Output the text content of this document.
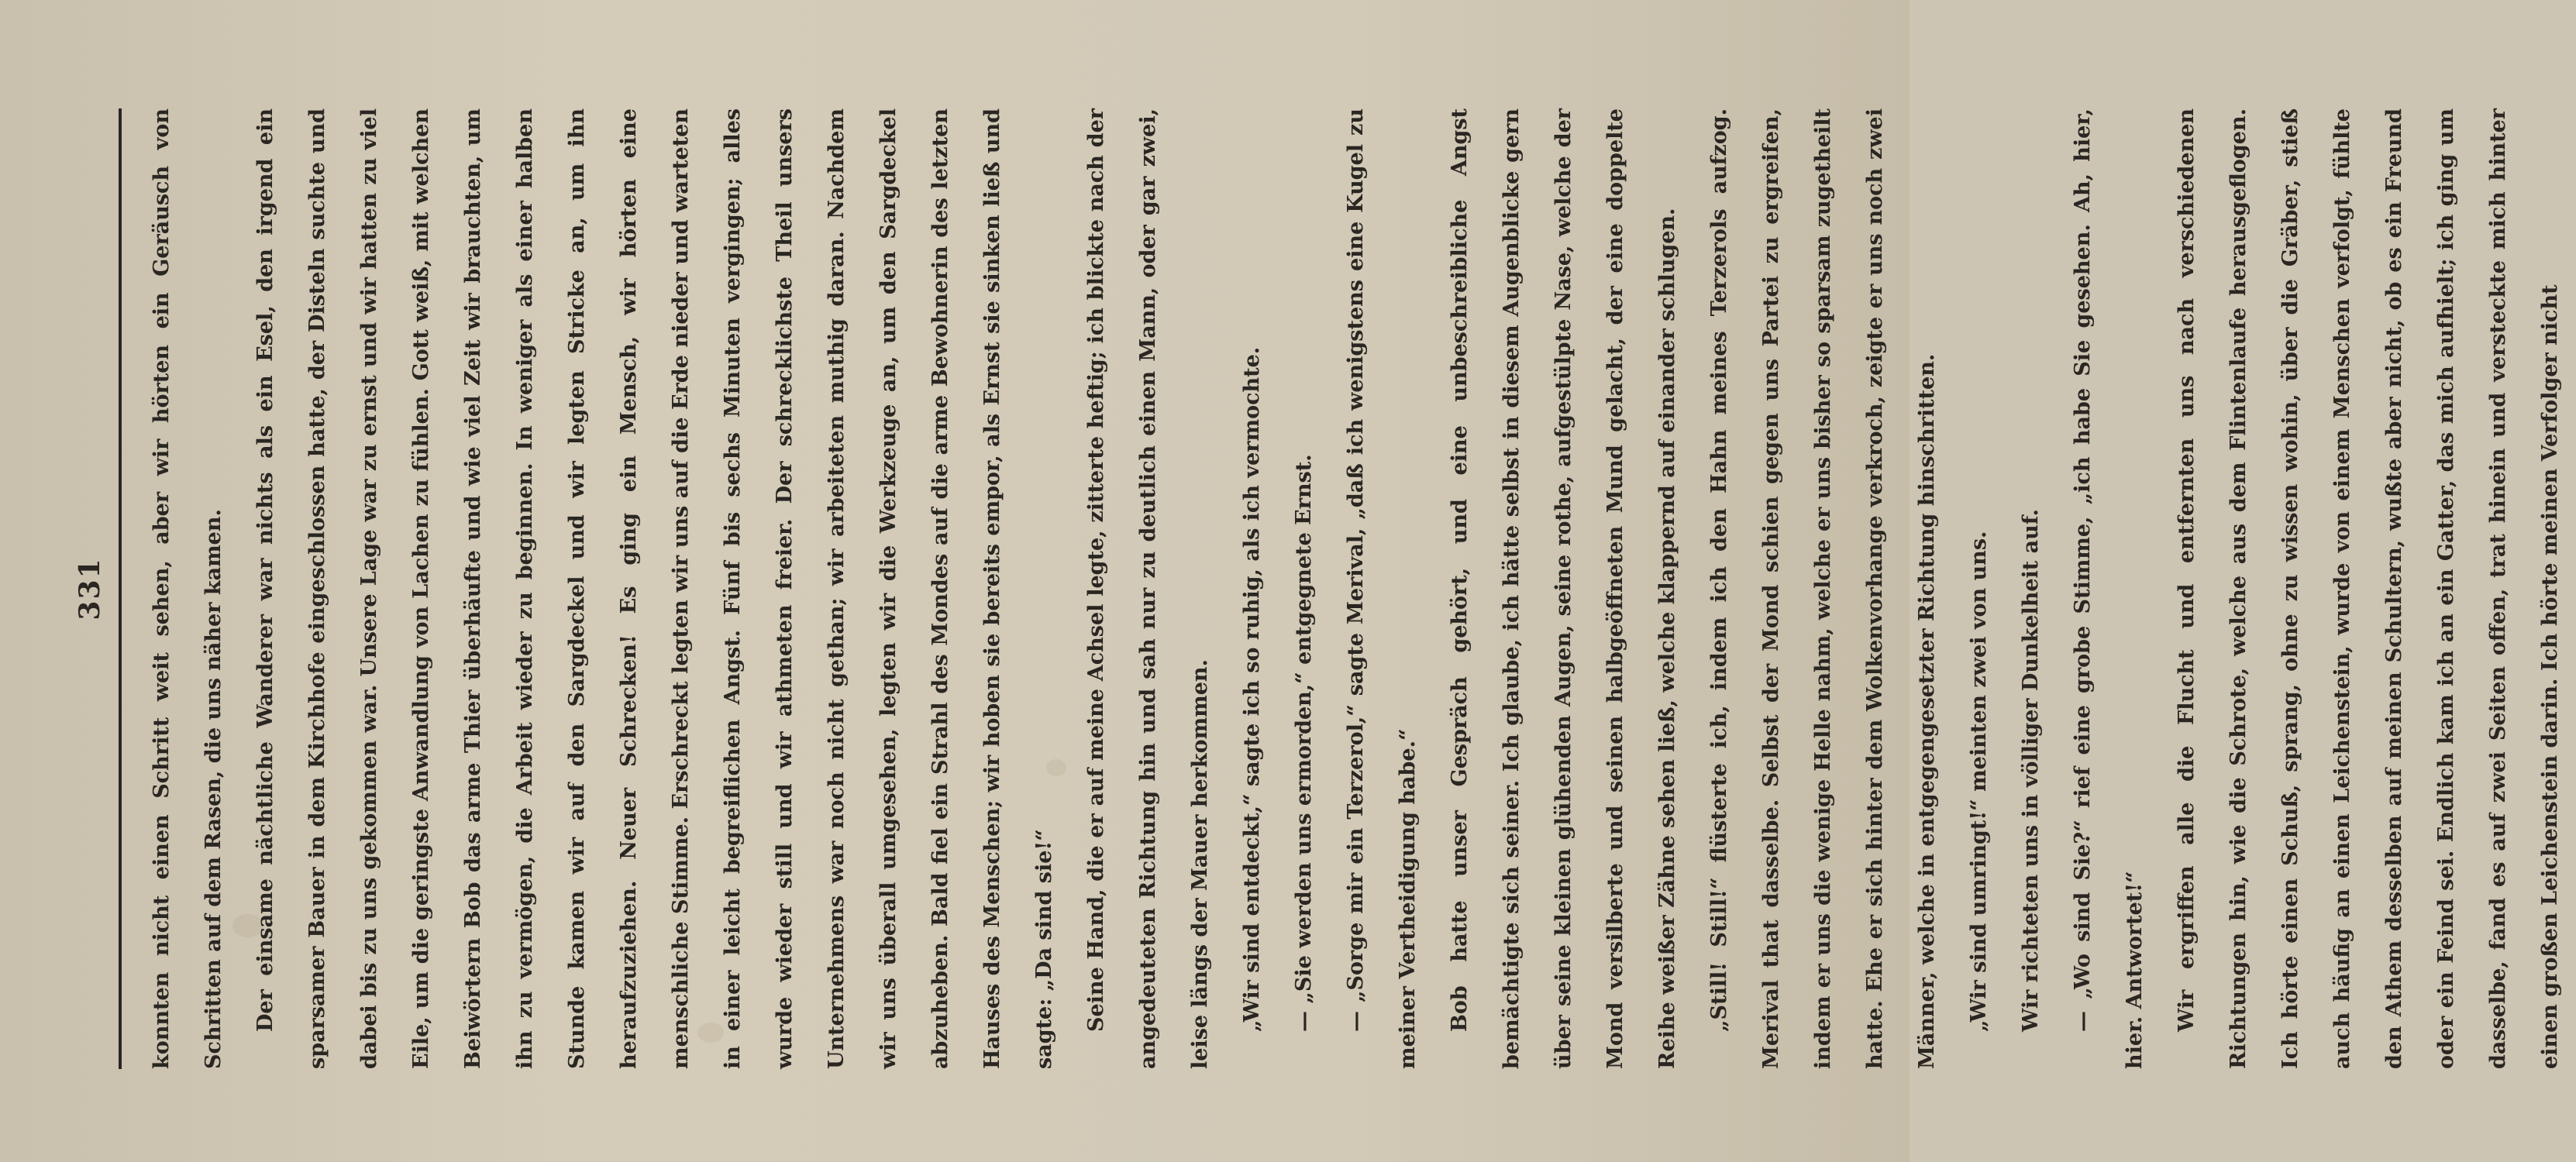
331	konnten nicht einen Schritt weit sehen, aber wir hörten ein Geräusch von Schritten auf dem Rasen, die uns näher kamen.	Der einsame nächtliche Wanderer war nichts als ein Esel, den irgend ein sparsamer Bauer in dem Kirchhofe eingeschlossen hatte, der Disteln suchte und dabei bis zu uns gekommen war. Unsere Lage war zu ernst und wir hatten zu viel Eile, um die geringste Anwandlung von Lachen zu fühlen. Gott weiß, mit welchen Beiwörtern Bob das arme Thier überhäufte und wie viel Zeit wir brauchten, um ihn zu vermögen, die Arbeit wieder zu beginnen. In weniger als einer halben Stunde kamen wir auf den Sargdeckel und wir legten Stricke an, um ihn heraufzuziehen. Neuer Schrecken! Es ging ein Mensch, wir hörten eine menschliche Stimme. Erschreckt legten wir uns auf die Erde nieder und warteten in einer leicht begreiflichen Angst. Fünf bis sechs Minuten vergingen; alles wurde wieder still und wir athmeten freier. Der schrecklichste Theil unsers Unternehmens war noch nicht gethan; wir arbeiteten muthig daran. Nachdem wir uns überall umgesehen, legten wir die Werkzeuge an, um den Sargdeckel abzuheben. Bald fiel ein Strahl des Mondes auf die arme Bewohnerin des letzten Hauses des Menschen; wir hoben sie bereits empor, als Ernst sie sinken ließ und sagte: „Da sind sie!“	Seine Hand, die er auf meine Achsel legte, zitterte heftig; ich blickte nach der angedeuteten Richtung hin und sah nur zu deutlich einen Mann, oder gar zwei, leise längs der Mauer herkommen.	„Wir sind entdeckt,“ sagte ich so ruhig, als ich vermochte.	— „Sie werden uns ermorden,“ entgegnete Ernst.	— „Sorge mir ein Terzerol,“ sagte Merival, „daß ich wenigstens eine Kugel zu meiner Vertheidigung habe.“	Bob hatte unser Gespräch gehört, und eine unbeschreibliche Angst bemächtigte sich seiner. Ich glaube, ich hätte selbst in diesem Augenblicke gern über seine kleinen glühenden Augen, seine rothe, aufgestülpte Nase, welche der Mond versilberte und seinen halbgeöffneten Mund gelacht, der eine doppelte Reihe weißer Zähne sehen ließ, welche klappernd auf einander schlugen.	„Still! Still!“ flüsterte ich, indem ich den Hahn meines Terzerols aufzog. Merival that dasselbe. Selbst der Mond schien gegen uns Partei zu ergreifen, indem er uns die wenige Helle nahm, welche er uns bisher so sparsam zugetheilt hatte. Ehe er sich hinter dem Wolkenvorhange verkroch, zeigte er uns noch zwei Männer, welche in entgegengesetzter Richtung hinschritten.	„Wir sind umringt!“ meinten zwei von uns.	Wir richteten uns in völliger Dunkelheit auf.	— „Wo sind Sie?“ rief eine grobe Stimme, „ich habe Sie gesehen. Ah, hier, hier. Antwortet!“	Wir ergriffen alle die Flucht und entfernten uns nach verschiedenen Richtungen hin, wie die Schrote, welche aus dem Flintenlaufe herausgeflogen. Ich hörte einen Schuß, sprang, ohne zu wissen wohin, über die Gräber, stieß auch häufig an einen Leichenstein, wurde von einem Menschen verfolgt, fühlte den Athem desselben auf meinen Schultern, wußte aber nicht, ob es ein Freund oder ein Feind sei. Endlich kam ich an ein Gatter, das mich aufhielt; ich ging um dasselbe, fand es auf zwei Seiten offen, trat hinein und versteckte mich hinter einen großen Leichenstein darin. Ich hörte meinen Verfolger nicht
